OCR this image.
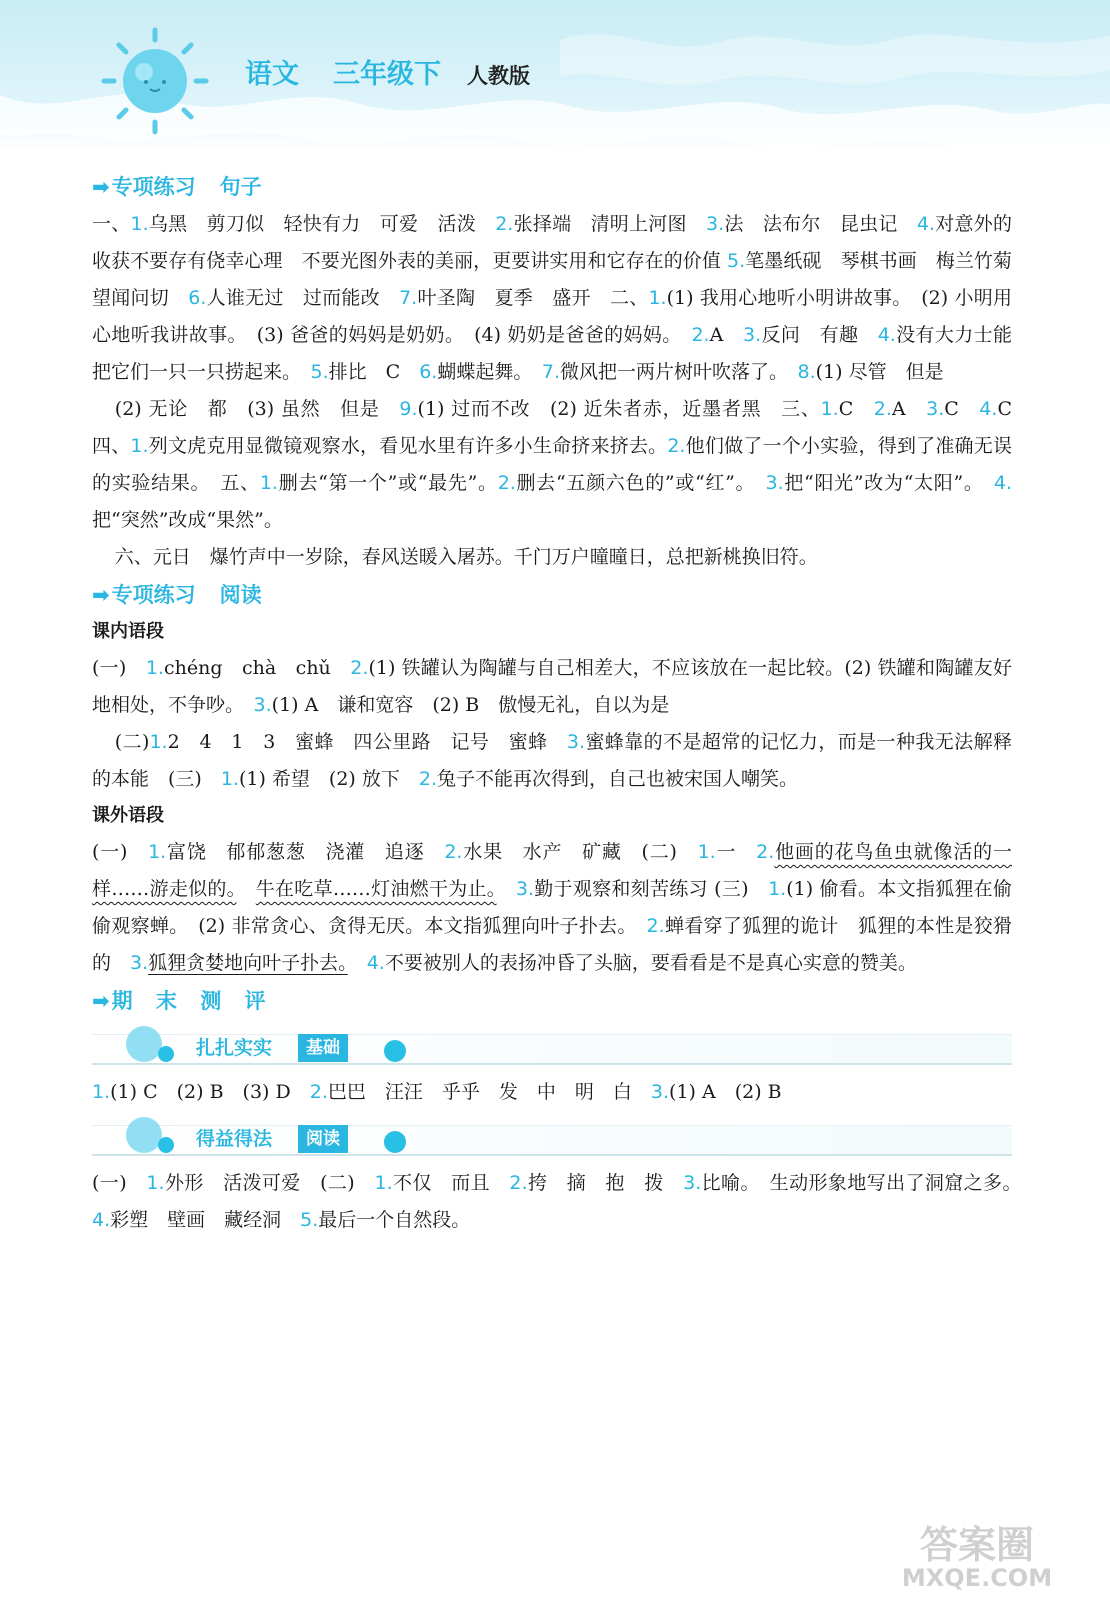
语文 三年级下 人教版
➡专项练习 句子
一、1.乌黑　剪刀似　轻快有力　可爱　活泼　2.张择端　清明上河图　3.法　法布尔　昆虫记　4.对意外的收获不要存有侥幸心理　不要光图外表的美丽，更要讲实用和它存在的价值 5.笔墨纸砚　琴棋书画　梅兰竹菊　望闻问切　6.人谁无过　过而能改　7.叶圣陶　夏季　盛开　二、1.(1) 我用心地听小明讲故事。　(2) 小明用心地听我讲故事。　(3) 爸爸的妈妈是奶奶。　(4) 奶奶是爸爸的妈妈。　2.A　3.反问　有趣　4.没有大力士能把它们一只一只捞起来。　5.排比　C　6.蝴蝶起舞。　7.微风把一两片树叶吹落了。　8.(1) 尽管　但是
(2) 无论　都　(3) 虽然　但是　9.(1) 过而不改　(2) 近朱者赤，近墨者黑　三、1.C　2.A　3.C　4.C　四、1.列文虎克用显微镜观察水，看见水里有许多小生命挤来挤去。2.他们做了一个小实验，得到了准确无误的实验结果。　五、1.删去“第一个”或“最先”。2.删去“五颜六色的”或“红”。　3.把“阳光”改为“太阳”。　4.把“突然”改成“果然”。
六、元日　爆竹声中一岁除，春风送暖入屠苏。千门万户曈曈日，总把新桃换旧符。
➡专项练习 阅读
课内语段
(一)　1.chéng　chà　chǔ　2.(1) 铁罐认为陶罐与自己相差大，不应该放在一起比较。(2) 铁罐和陶罐友好地相处，不争吵。　3.(1) A　谦和宽容　(2) B　傲慢无礼，自以为是
(二)1.2　4　1　3　蜜蜂　四公里路　记号　蜜蜂　3.蜜蜂靠的不是超常的记忆力，而是一种我无法解释的本能　(三)　1.(1) 希望　(2) 放下　2.兔子不能再次得到，自己也被宋国人嘲笑。
课外语段
(一)　1.富饶　郁郁葱葱　浇灌　追逐　2.水果　水产　矿藏　(二)　1.一　2.他画的花鸟鱼虫就像活的一样……游走似的。　 牛在吃草……灯油燃干为止。　 3.勤于观察和刻苦练习 (三)　1.(1) 偷看。本文指狐狸在偷偷观察蝉。　(2) 非常贪心、贪得无厌。本文指狐狸向叶子扑去。　2.蝉看穿了狐狸的诡计　狐狸的本性是狡猾的　3.狐狸贪婪地向叶子扑去。　 4.不要被别人的表扬冲昏了头脑，要看看是不是真心实意的赞美。
➡期 末 测 评
扎扎实实	基础
1.(1) C　(2) B　(3) D　2.巴巴　汪汪　乎乎　发　中　明　白　3.(1) A　(2) B
得益得法	阅读
(一)　1.外形　活泼可爱　(二)　1.不仅　而且　2.挎　摘　抱　拨　3.比喻。　生动形象地写出了洞窟之多。　4.彩塑　壁画　藏经洞　5.最后一个自然段。
答案圈
MXQE.COM
